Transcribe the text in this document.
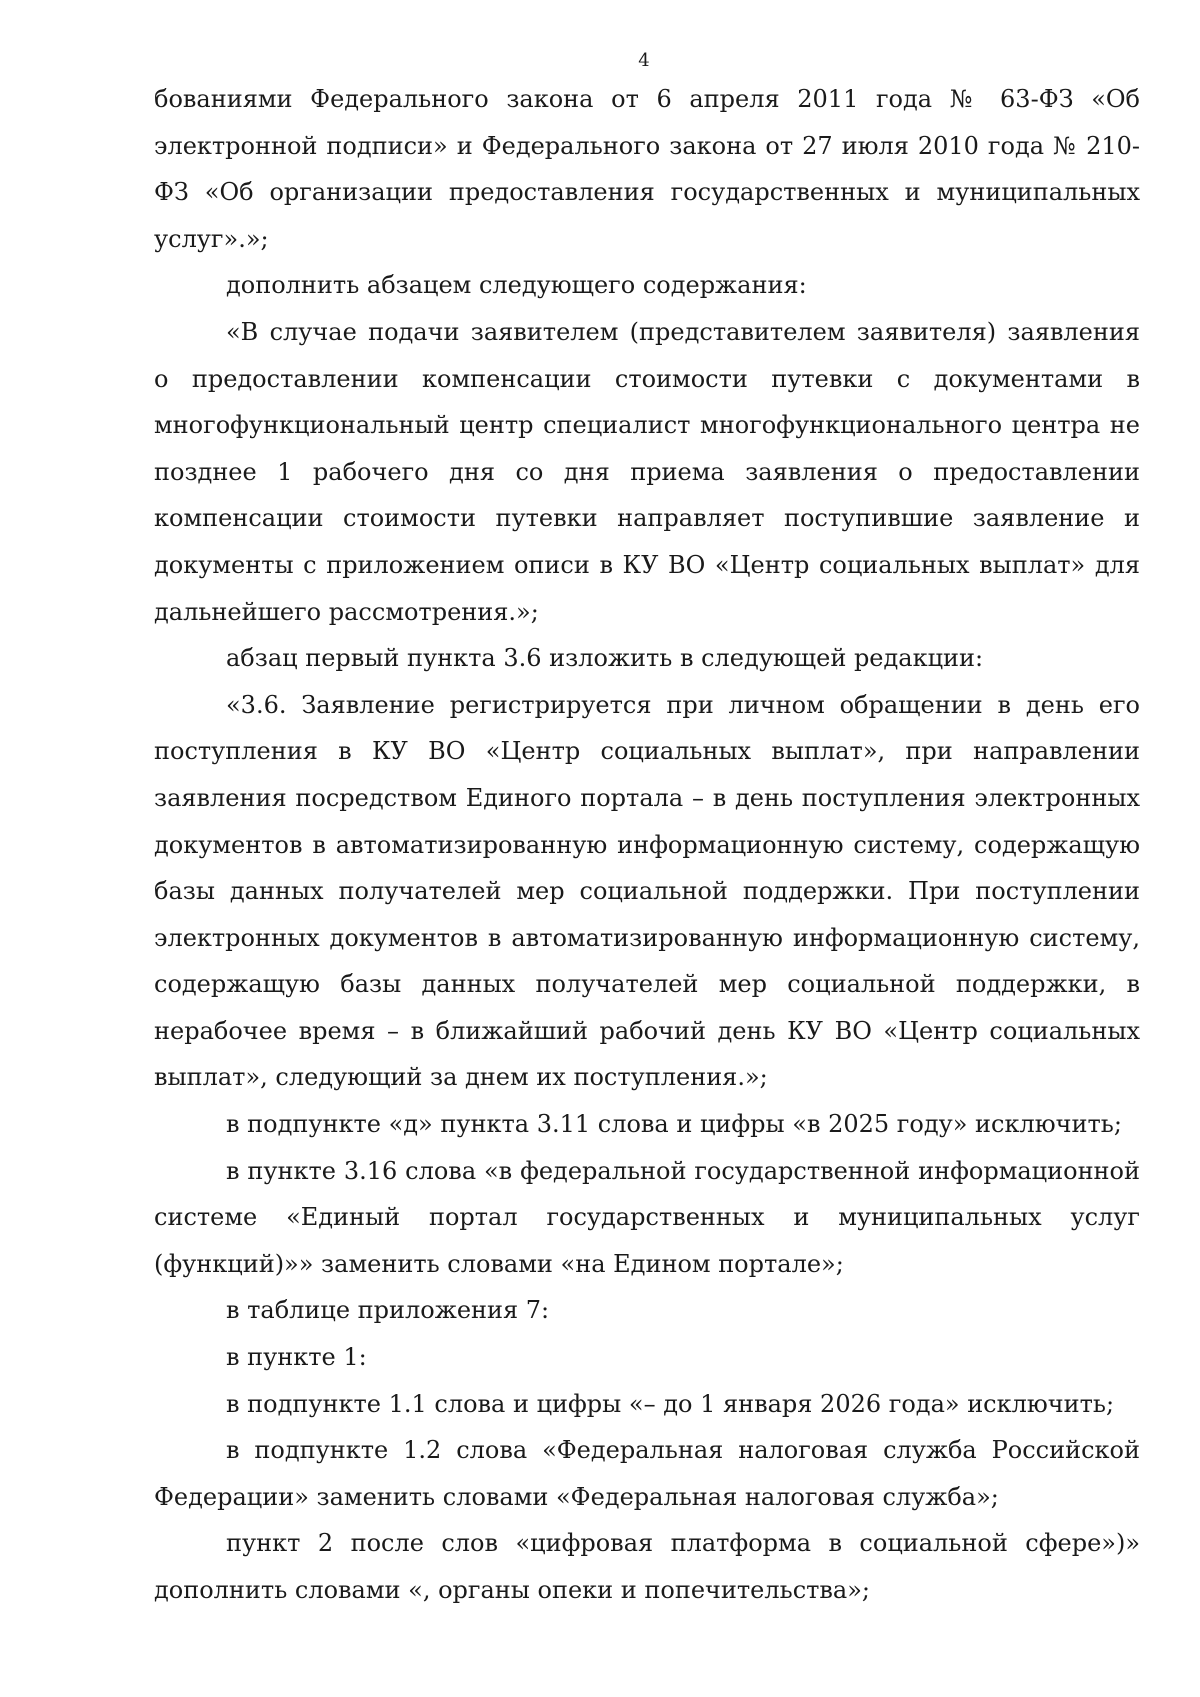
4

бованиями Федерального закона от 6 апреля 2011 года № 63-ФЗ «Об электронной подписи» и Федерального закона от 27 июля 2010 года № 210-ФЗ «Об организации предоставления государственных и муниципальных услуг».»;

дополнить абзацем следующего содержания:

«В случае подачи заявителем (представителем заявителя) заявления о предоставлении компенсации стоимости путевки с документами в многофункциональный центр специалист многофункционального центра не позднее 1 рабочего дня со дня приема заявления о предоставлении компенсации стоимости путевки направляет поступившие заявление и документы с приложением описи в КУ ВО «Центр социальных выплат» для дальнейшего рассмотрения.»;

абзац первый пункта 3.6 изложить в следующей редакции:

«3.6. Заявление регистрируется при личном обращении в день его поступления в КУ ВО «Центр социальных выплат», при направлении заявления посредством Единого портала – в день поступления электронных документов в автоматизированную информационную систему, содержащую базы данных получателей мер социальной поддержки. При поступлении электронных документов в автоматизированную информационную систему, содержащую базы данных получателей мер социальной поддержки, в нерабочее время – в ближайший рабочий день КУ ВО «Центр социальных выплат», следующий за днем их поступления.»;

в подпункте «д» пункта 3.11 слова и цифры «в 2025 году» исключить;

в пункте 3.16 слова «в федеральной государственной информационной системе «Единый портал государственных и муниципальных услуг (функций)»» заменить словами «на Едином портале»;

в таблице приложения 7:

в пункте 1:

в подпункте 1.1 слова и цифры «– до 1 января 2026 года» исключить;

в подпункте 1.2 слова «Федеральная налоговая служба Российской Федерации» заменить словами «Федеральная налоговая служба»;

пункт 2 после слов «цифровая платформа в социальной сфере»)» дополнить словами «, органы опеки и попечительства»;
